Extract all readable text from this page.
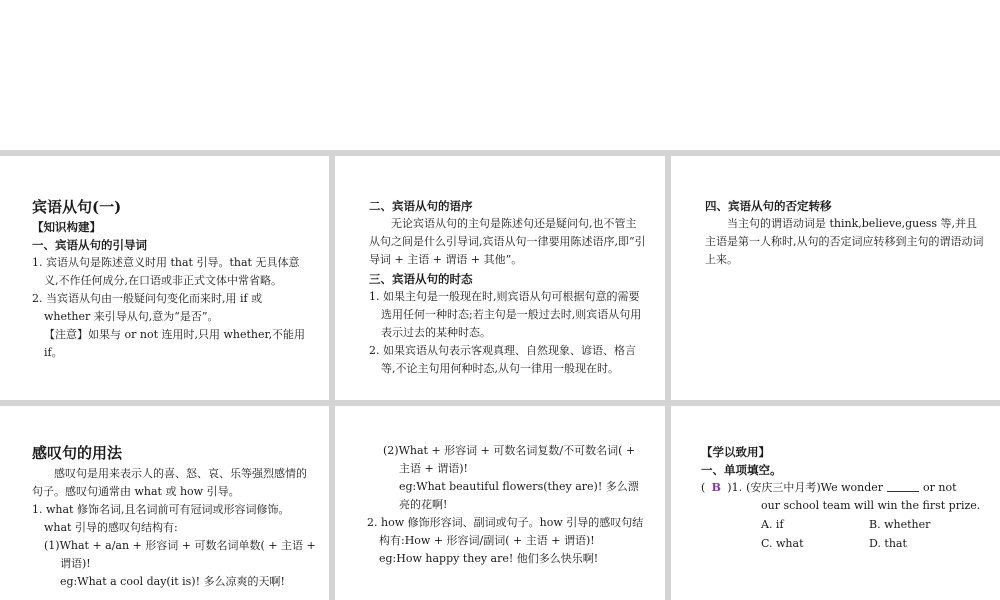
宾语从句(一)
【知识构建】
一、宾语从句的引导词

1. 宾语从句是陈述意义时用 that 引导。that 无具体意义,不作任何成分,在口语或非正式文体中常省略。

2. 当宾语从句由一般疑问句变化而来时,用 if 或 whether 来引导从句,意为“是否”。

【注意】如果与 or not 连用时,只用 whether,不能用 if。

二、宾语从句的语序

无论宾语从句的主句是陈述句还是疑问句,也不管主从句之间是什么引导词,宾语从句一律要用陈述语序,即“引导词 + 主语 + 谓语 + 其他”。

三、宾语从句的时态

1. 如果主句是一般现在时,则宾语从句可根据句意的需要选用任何一种时态;若主句是一般过去时,则宾语从句用表示过去的某种时态。

2. 如果宾语从句表示客观真理、自然现象、谚语、格言等,不论主句用何种时态,从句一律用一般现在时。

四、宾语从句的否定转移

当主句的谓语动词是 think,believe,guess 等,并且主语是第一人称时,从句的否定词应转移到主句的谓语动词上来。

感叹句的用法

感叹句是用来表示人的喜、怒、哀、乐等强烈感情的句子。感叹句通常由 what 或 how 引导。

1. what 修饰名词,且名词前可有冠词或形容词修饰。

what 引导的感叹句结构有:

(1)What + a/an + 形容词 + 可数名词单数( + 主语 + 谓语)!

eg:What a cool day(it is)! 多么凉爽的天啊!

(2)What + 形容词 + 可数名词复数/不可数名词( + 主语 + 谓语)!

eg:What beautiful flowers(they are)! 多么漂亮的花啊!

2. how 修饰形容词、副词或句子。how 引导的感叹句结构有:How + 形容词/副词( + 主语 + 谓语)!

eg:How happy they are! 他们多么快乐啊!

【学以致用】
一、单项填空。
( B )1. (安庆三中月考)We wonder	or not

our school team will win the first prize.

A. if	B. whether
C. what	D. that
